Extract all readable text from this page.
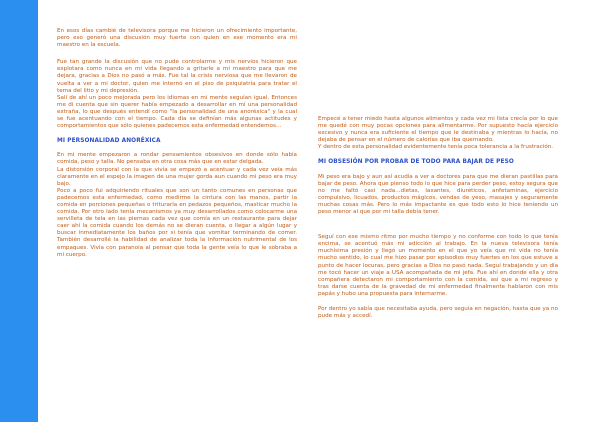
En esos días cambié de televisora porque me hicieron un ofrecimiento importante, pero eso generó una discusión muy fuerte con quien en ese momento era mi maestro en la escuela.

Fue tan grande la discusión que no pude controlarme y mis nervios hicieron que explotara como nunca en mi vida llegando a gritarle a mi maestro para que me dejara, gracias a Dios no pasó a más. Fue tal la crisis nerviosa que me llevaron de vuelta a ver a mi doctor, quien me internó en el piso de psiquiatría para tratar el tema del litio y mi depresión.

Salí de ahí un poco mejorada pero los idiomas en mi mente seguían igual. Entonces me di cuenta que sin querer había empezado a desarrollar en mí una personalidad extraña, lo que después entendí como "la personalidad de una anoréxica" y la cual se fue acentuando con el tiempo. Cada día se definían más algunas actitudes y comportamientos que sólo quienes padecemos esta enfermedad entendemos...

MI PERSONALIDAD ANORÉXICA

En mi mente empezaron a rondar pensamientos obsesivos en donde sólo había comida, peso y talla. No pensaba en otra cosa más que en estar delgada.

La distorsión corporal con la que vivía se empezó a acentuar y cada vez veía más claramente en el espejo la imagen de una mujer gorda aun cuando mi peso era muy bajo.

Poco a poco fui adquiriendo rituales que son un tanto comunes en personas que padecemos esta enfermedad, como medirme la cintura con las manos, partir la comida en porciones pequeñas o triturarla en pedazos pequeños, masticar mucho la comida. Por otro lado tenía mecanismos ya muy desarrollados como colocarme una servilleta de tela en las piernas cada vez que comía en un restaurante para dejar caer ahí la comida cuando los demás no se dieran cuenta, o llegar a algún lugar y buscar inmediatamente los baños por si tenía que vomitar terminando de comer. También desarrollé la habilidad de analizar toda la información nutrimental de los empaques. Vivía con paranoia al pensar que toda la gente veía lo que le sobraba a mi cuerpo.

Empecé a tener miedo hasta algunos alimentos y cada vez mi lista crecía por lo que me quedé con muy pocas opciones para alimentarme. Por supuesto hacía ejercicio excesivo y nunca era suficiente el tiempo que le destinaba y mientras lo hacía, no dejaba de pensar en el número de calorías que iba quemando.

Y dentro de esta personalidad evidentemente tenía poca tolerancia a la frustración.

MI OBSESIÓN POR PROBAR DE TODO PARA BAJAR DE PESO

Mi peso era bajo y aun así acudía a ver a doctores para que me dieran pastillas para bajar de peso. Ahora que pienso todo lo que hice para perder peso, estoy segura que no me faltó casi nada...dietas, laxantes, diuréticos, anfetaminas, ejercicio compulsivo, licuados, productos mágicos, vendas de yeso, masajes y seguramente muchas cosas más. Pero lo más impactante es que todo esto lo hice teniendo un peso menor al que por mi talla debía tener.

Seguí con ese mismo ritmo por mucho tiempo y no conforme con todo lo que tenía encima, se acentuó más mi adicción al trabajo. En la nueva televisora tenía muchísima presión y llegó un momento en el que yo veía que mi vida no tenía mucho sentido, lo cual me hizo pasar por episodios muy fuertes en los que estuve a punto de hacer locuras, pero gracias a Dios no pasó nada. Seguí trabajando y un día me tocó hacer un viaje a USA acompañada de mi jefa. Fue ahí en donde ella y otra compañera detectaron mi comportamiento con la comida, así que a mi regreso y tras darse cuenta de la gravedad de mi enfermedad finalmente hablaron con mis papás y hubo una propuesta para internarme.

Por dentro yo sabía que necesitaba ayuda, pero seguía en negación, hasta que ya no pude más y accedí.
